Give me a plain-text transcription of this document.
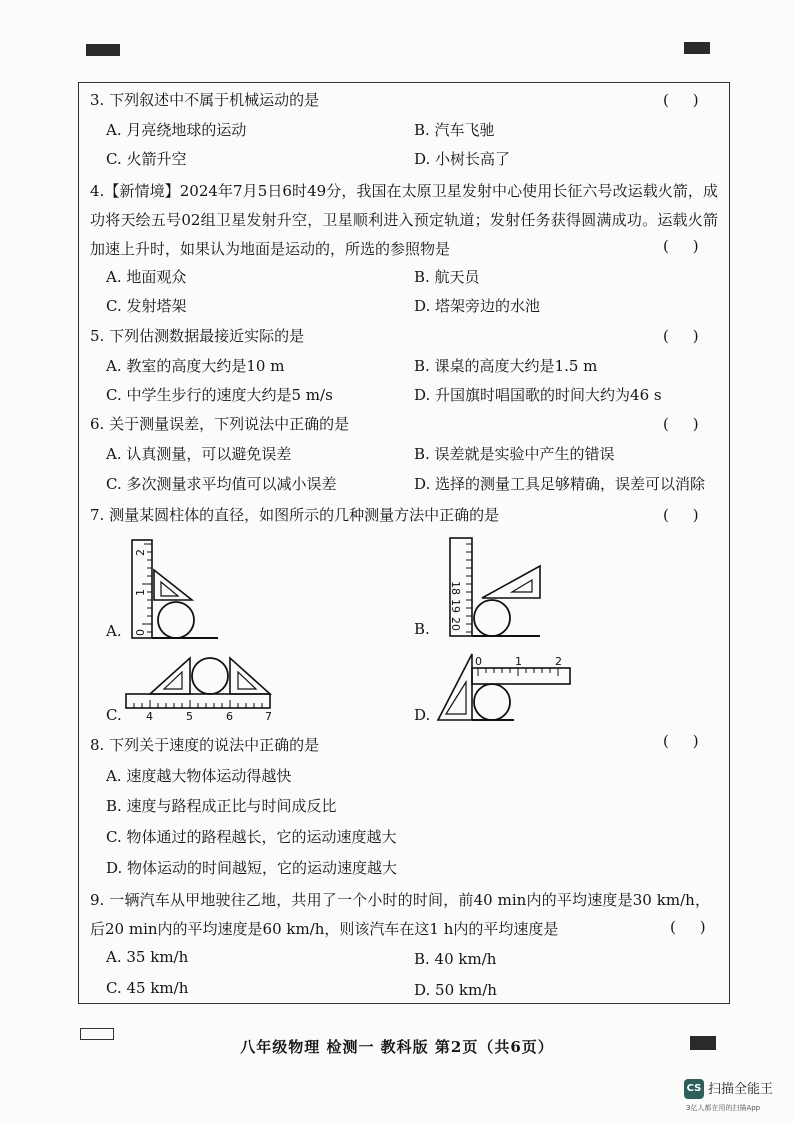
3. 下列叙述中不属于机械运动的是	(     )
A. 月亮绕地球的运动	B. 汽车飞驰
C. 火箭升空	D. 小树长高了
4.【新情境】2024年7月5日6时49分，我国在太原卫星发射中心使用长征六号改运载火箭，成功将天绘五号02组卫星发射升空，卫星顺利进入预定轨道；发射任务获得圆满成功。运载火箭加速上升时，如果认为地面是运动的，所选的参照物是	(     )
A. 地面观众	B. 航天员
C. 发射塔架	D. 塔架旁边的水池
5. 下列估测数据最接近实际的是	(     )
A. 教室的高度大约是10 m	B. 课桌的高度大约是1.5 m
C. 中学生步行的速度大约是5 m/s	D. 升国旗时唱国歌的时间大约为46 s
6. 关于测量误差，下列说法中正确的是	(     )
A. 认真测量，可以避免误差	B. 误差就是实验中产生的错误
C. 多次测量求平均值可以减小误差	D. 选择的测量工具足够精确，误差可以消除
7. 测量某圆柱体的直径，如图所示的几种测量方法中正确的是	(     )
A. 0
1
2
B.
18
19
20
C. 4	5	6	7	D.
0	1	2
8. 下列关于速度的说法中正确的是	(     )
A. 速度越大物体运动得越快
B. 速度与路程成正比与时间成反比
C. 物体通过的路程越长，它的运动速度越大
D. 物体运动的时间越短，它的运动速度越大
9. 一辆汽车从甲地驶往乙地，共用了一个小时的时间，前40 min内的平均速度是30 km/h，后20 min内的平均速度是60 km/h，则该汽车在这1 h内的平均速度是	(     )
A. 35 km/h	B. 40 km/h
C. 45 km/h	D. 50 km/h
八年级物理 检测一 教科版 第2页（共6页）
CS 扫描全能王
3亿人都在用的扫描App
